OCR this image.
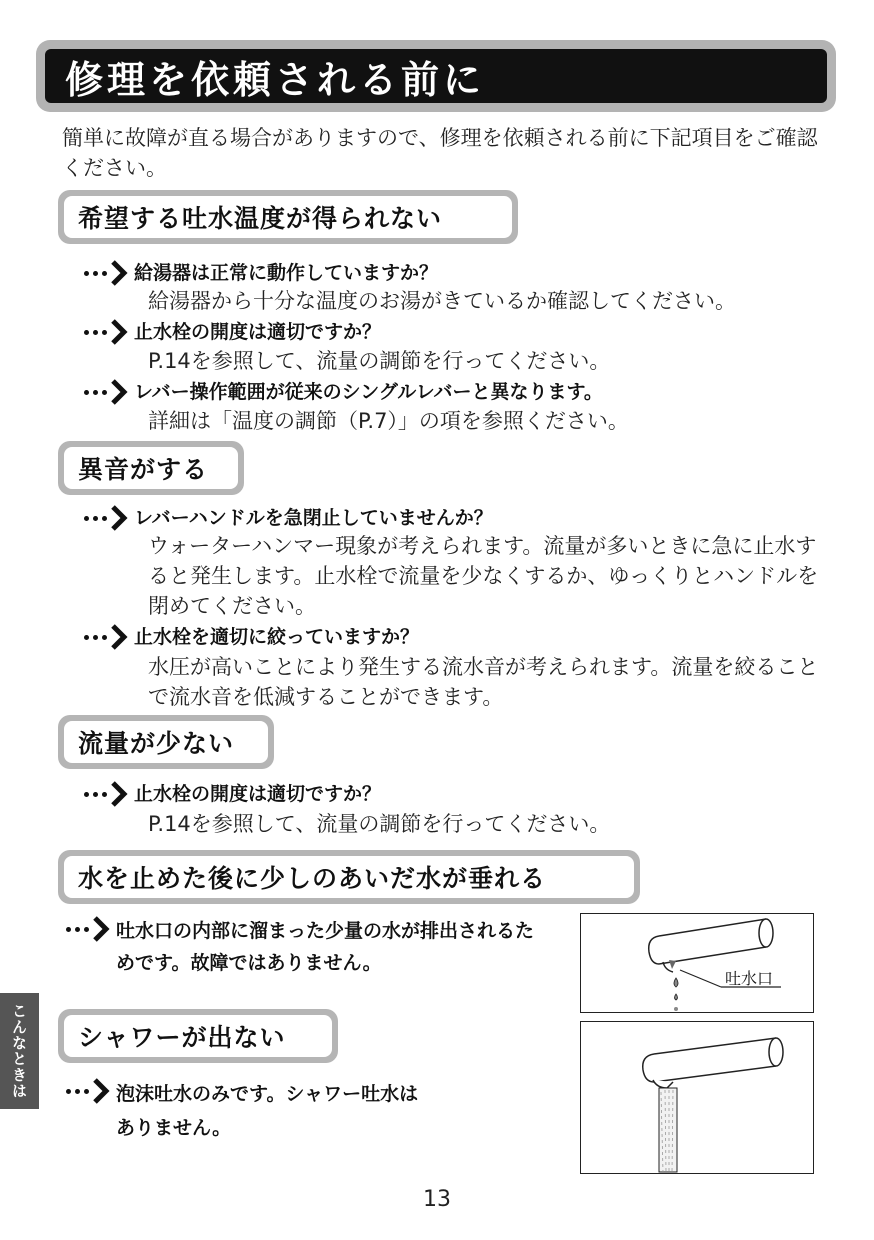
修理を依頼される前に
簡単に故障が直る場合がありますので、修理を依頼される前に下記項目をご確認ください。
希望する吐水温度が得られない
給湯器は正常に動作していますか？
給湯器から十分な温度のお湯がきているか確認してください。
止水栓の開度は適切ですか？
P.14を参照して、流量の調節を行ってください。
レバー操作範囲が従来のシングルレバーと異なります。
詳細は「温度の調節（P.7）」の項を参照ください。
異音がする
レバーハンドルを急閉止していませんか？
ウォーターハンマー現象が考えられます。流量が多いときに急に止水すると発生します。止水栓で流量を少なくするか、ゆっくりとハンドルを閉めてください。
止水栓を適切に絞っていますか？
水圧が高いことにより発生する流水音が考えられます。流量を絞ることで流水音を低減することができます。
流量が少ない
止水栓の開度は適切ですか？
P.14を参照して、流量の調節を行ってください。
水を止めた後に少しのあいだ水が垂れる
吐水口の内部に溜まった少量の水が排出されるためです。故障ではありません。
吐水口
シャワーが出ない
泡沫吐水のみです。シャワー吐水はありません。
こんなときは
13
